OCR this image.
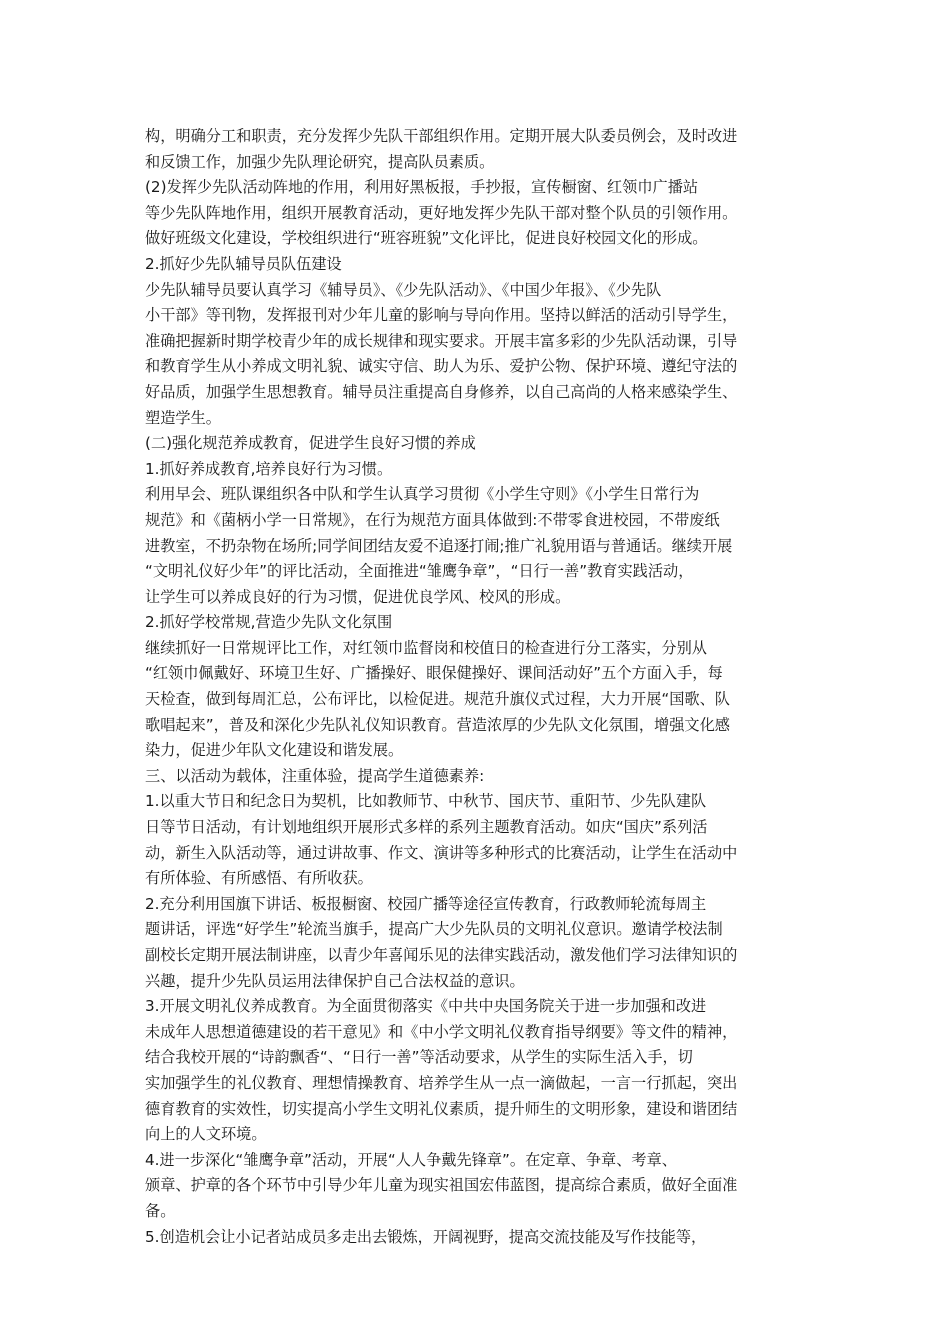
构，明确分工和职责，充分发挥少先队干部组织作用。定期开展大队委员例会，及时改进
和反馈工作，加强少先队理论研究，提高队员素质。
(2)发挥少先队活动阵地的作用，利用好黑板报，手抄报，宣传橱窗、红领巾广播站
等少先队阵地作用，组织开展教育活动，更好地发挥少先队干部对整个队员的引领作用。
做好班级文化建设，学校组织进行“班容班貌”文化评比，促进良好校园文化的形成。
2.抓好少先队辅导员队伍建设
少先队辅导员要认真学习《辅导员》、《少先队活动》、《中国少年报》、《少先队
小干部》等刊物，发挥报刊对少年儿童的影响与导向作用。坚持以鲜活的活动引导学生，
准确把握新时期学校青少年的成长规律和现实要求。开展丰富多彩的少先队活动课，引导
和教育学生从小养成文明礼貌、诚实守信、助人为乐、爱护公物、保护环境、遵纪守法的
好品质，加强学生思想教育。辅导员注重提高自身修养，以自己高尚的人格来感染学生、
塑造学生。
(二)强化规范养成教育，促进学生良好习惯的养成
1.抓好养成教育,培养良好行为习惯。
利用早会、班队课组织各中队和学生认真学习贯彻《小学生守则》《小学生日常行为
规范》和《菌柄小学一日常规》，在行为规范方面具体做到:不带零食进校园，不带废纸
进教室，不扔杂物在场所;同学间团结友爱不追逐打闹;推广礼貌用语与普通话。继续开展
“文明礼仪好少年”的评比活动，全面推进“雏鹰争章”，“日行一善”教育实践活动，
让学生可以养成良好的行为习惯，促进优良学风、校风的形成。
2.抓好学校常规,营造少先队文化氛围
继续抓好一日常规评比工作，对红领巾监督岗和校值日的检查进行分工落实，分别从
“红领巾佩戴好、环境卫生好、广播操好、眼保健操好、课间活动好”五个方面入手，每
天检查，做到每周汇总，公布评比，以检促进。规范升旗仪式过程，大力开展“国歌、队
歌唱起来”，普及和深化少先队礼仪知识教育。营造浓厚的少先队文化氛围，增强文化感
染力，促进少年队文化建设和谐发展。
三、以活动为载体，注重体验，提高学生道德素养:
1.以重大节日和纪念日为契机，比如教师节、中秋节、国庆节、重阳节、少先队建队
日等节日活动，有计划地组织开展形式多样的系列主题教育活动。如庆“国庆”系列活
动，新生入队活动等，通过讲故事、作文、演讲等多种形式的比赛活动，让学生在活动中
有所体验、有所感悟、有所收获。
2.充分利用国旗下讲话、板报橱窗、校园广播等途径宣传教育，行政教师轮流每周主
题讲话，评选“好学生”轮流当旗手，提高广大少先队员的文明礼仪意识。邀请学校法制
副校长定期开展法制讲座，以青少年喜闻乐见的法律实践活动，激发他们学习法律知识的
兴趣，提升少先队员运用法律保护自己合法权益的意识。
3.开展文明礼仪养成教育。为全面贯彻落实《中共中央国务院关于进一步加强和改进
未成年人思想道德建设的若干意见》和《中小学文明礼仪教育指导纲要》等文件的精神，
结合我校开展的“诗韵飘香“、“日行一善”等活动要求，从学生的实际生活入手，切
实加强学生的礼仪教育、理想情操教育、培养学生从一点一滴做起，一言一行抓起，突出
德育教育的实效性，切实提高小学生文明礼仪素质，提升师生的文明形象，建设和谐团结
向上的人文环境。
4.进一步深化“雏鹰争章”活动，开展“人人争戴先锋章”。在定章、争章、考章、
颁章、护章的各个环节中引导少年儿童为现实祖国宏伟蓝图，提高综合素质，做好全面准
备。
5.创造机会让小记者站成员多走出去锻炼，开阔视野，提高交流技能及写作技能等，
